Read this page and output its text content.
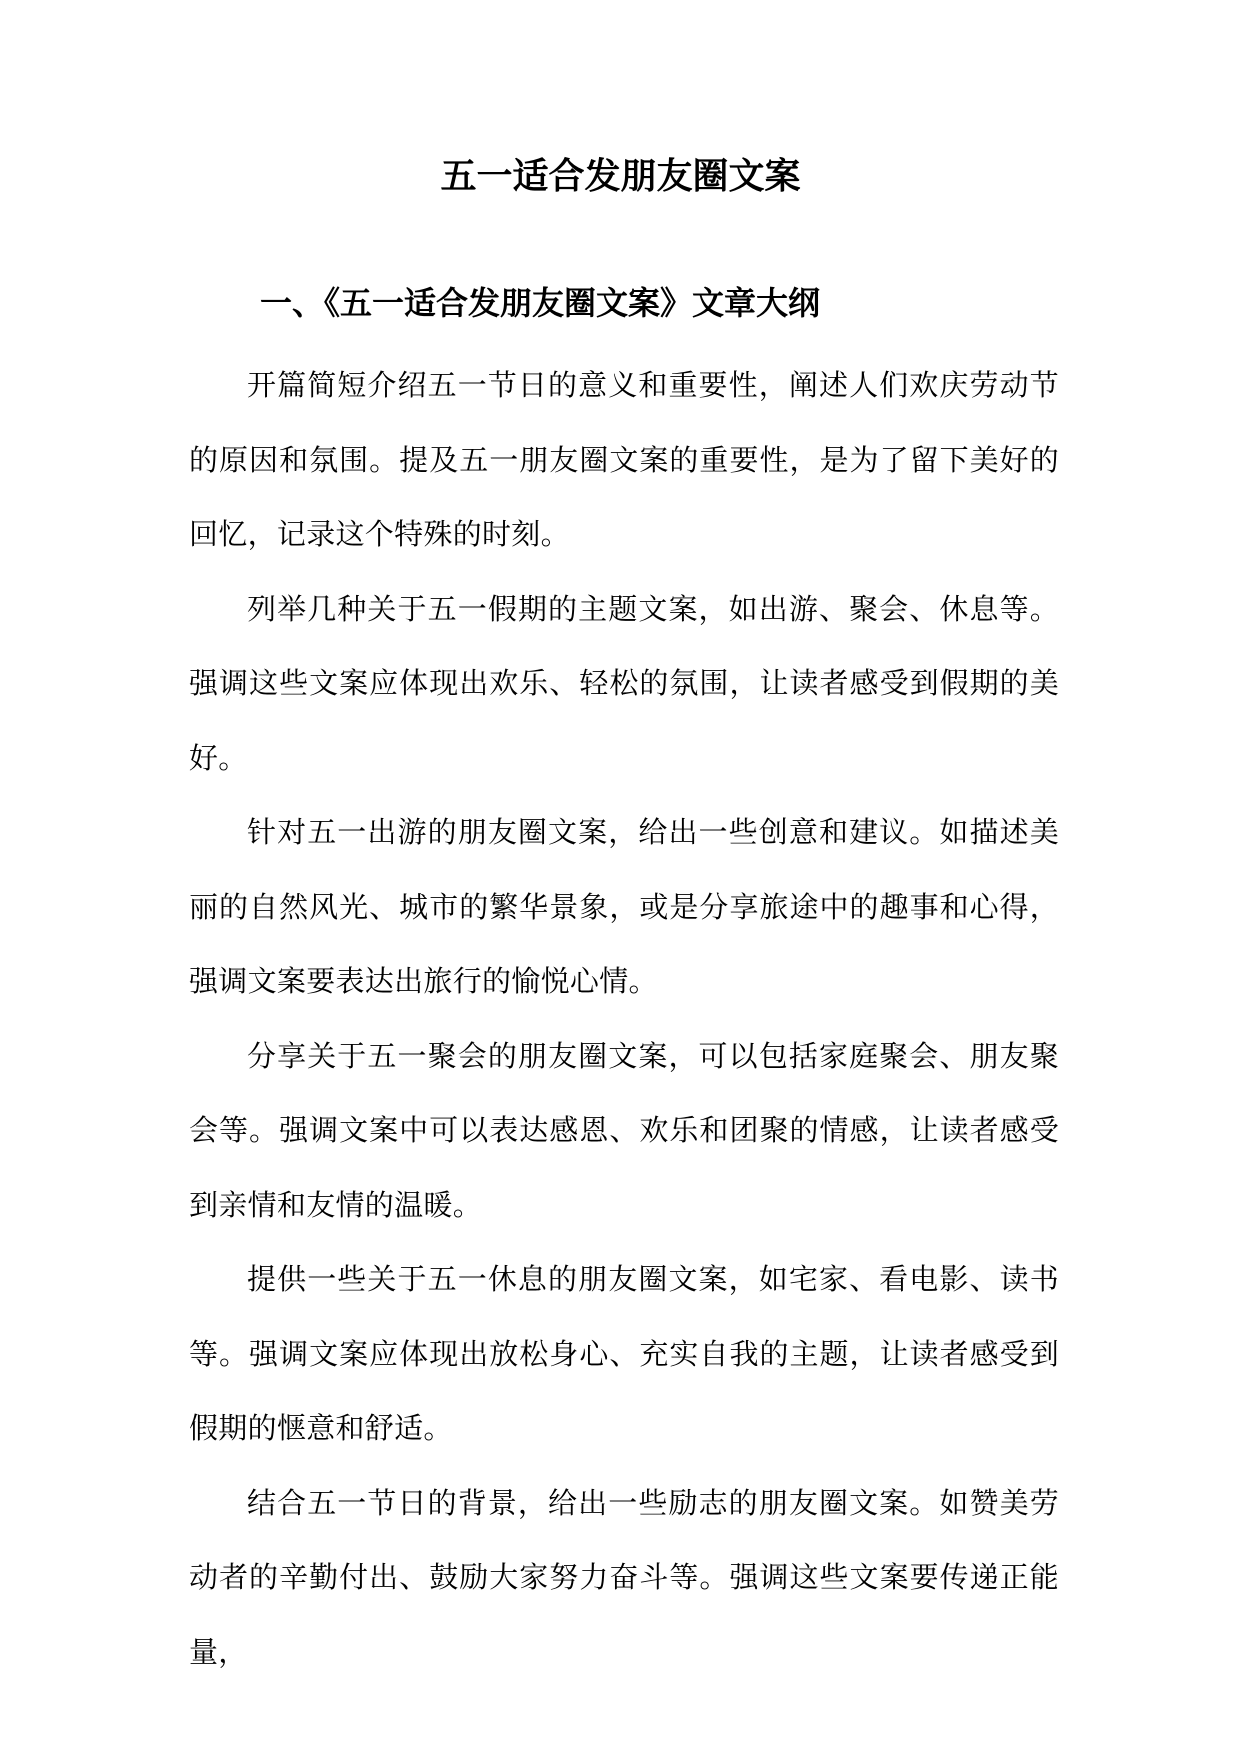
五一适合发朋友圈文案
一、《五一适合发朋友圈文案》文章大纲

开篇简短介绍五一节日的意义和重要性，阐述人们欢庆劳动节的原因和氛围。提及五一朋友圈文案的重要性，是为了留下美好的回忆，记录这个特殊的时刻。

列举几种关于五一假期的主题文案，如出游、聚会、休息等。强调这些文案应体现出欢乐、轻松的氛围，让读者感受到假期的美好。

针对五一出游的朋友圈文案，给出一些创意和建议。如描述美丽的自然风光、城市的繁华景象，或是分享旅途中的趣事和心得，强调文案要表达出旅行的愉悦心情。

分享关于五一聚会的朋友圈文案，可以包括家庭聚会、朋友聚会等。强调文案中可以表达感恩、欢乐和团聚的情感，让读者感受到亲情和友情的温暖。

提供一些关于五一休息的朋友圈文案，如宅家、看电影、读书等。强调文案应体现出放松身心、充实自我的主题，让读者感受到假期的惬意和舒适。

结合五一节日的背景，给出一些励志的朋友圈文案。如赞美劳动者的辛勤付出、鼓励大家努力奋斗等。强调这些文案要传递正能量，
